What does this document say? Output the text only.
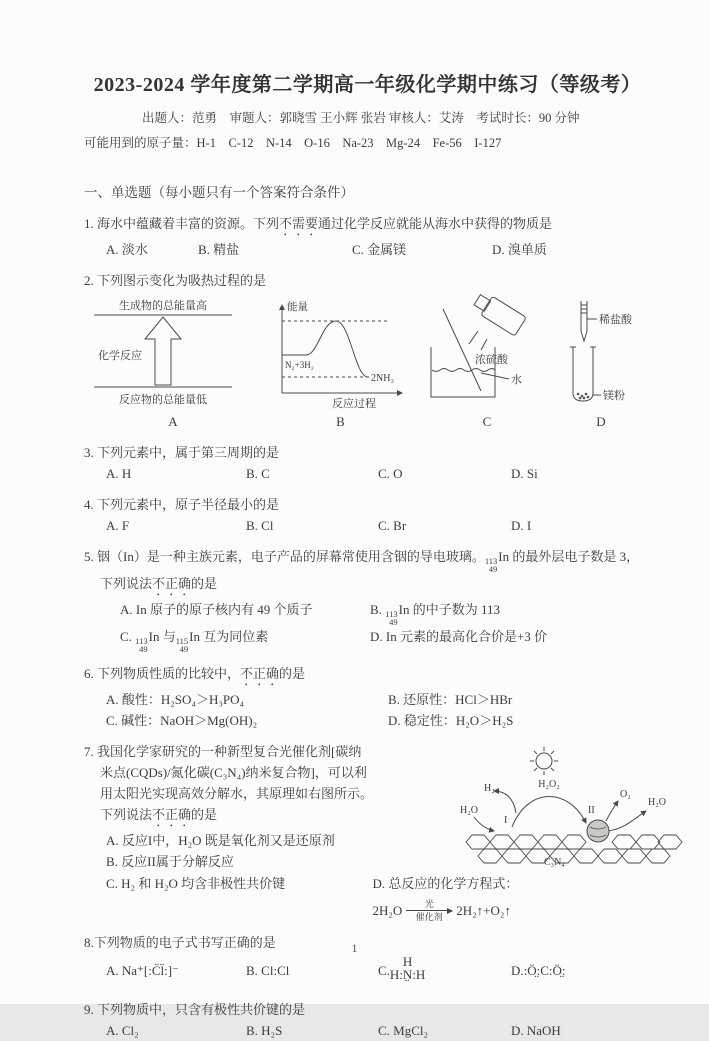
2023-2024 学年度第二学期高一年级化学期中练习（等级考）
出题人：范勇　审题人：郭晓雪 王小辉 张岩 审核人：艾涛　考试时长：90 分钟
可能用到的原子量：H-1　C-12　N-14　O-16　Na-23　Mg-24　Fe-56　I-127
一、单选题（每小题只有一个答案符合条件）
1. 海水中蕴藏着丰富的资源。下列不需要通过化学反应就能从海水中获得的物质是
A. 淡水	B. 精盐	C. 金属镁	D. 溴单质
2. 下列图示变化为吸热过程的是
生成物的总能量高
化学反应
反应物的总能量低
A
能量
N₂+3H₂
2NH₃
反应过程
B
浓硫酸
水
C
稀盐酸
镁粉
D
3. 下列元素中，属于第三周期的是
A. H	B. C	C. O	D. Si
4. 下列元素中，原子半径最小的是
A. F	B. Cl	C. Br	D. I
5. 铟（In）是一种主族元素，电子产品的屏幕常使用含铟的导电玻璃。 113
49
In 的最外层电子数是 3，
下列说法不正确的是
A. In 原子的原子核内有 49 个质子	B. 113
49
In 的中子数为 113
C. 113
49
In 与 115
49
In 互为同位素	D. In 元素的最高化合价是+3 价
6. 下列物质性质的比较中，不正确的是
A. 酸性：H₂SO₄＞H₃PO₄	B. 还原性：HCl＞HBr
C. 碱性：NaOH＞Mg(OH)₂	D. 稳定性：H₂O＞H₂S
7. 我国化学家研究的一种新型复合光催化剂[碳纳
米点(CQDs)/氮化碳(C₃N₄)纳米复合物]，可以利
用太阳光实现高效分解水，其原理如右图所示。
下列说法不正确的是
A. 反应I中，H₂O 既是氧化剂又是还原剂
B. 反应II属于分解反应
H₂	H₂O₂
H₂O
I
II
O₂
H₂O
C₃N₄
C. H₂ 和 H₂O 均含非极性共价键	D. 总反应的化学方程式：
2H₂O 光
催化剂 2H₂↑+O₂↑
8.下列物质的电子式书写正确的是
A. Na⁺[:C̈l̈:]⁻	B. Cl:Cl	C.
H
H:N̤:H	D. :Ö̤:C:Ö̤:
9. 下列物质中，只含有极性共价键的是
A. Cl₂	B. H₂S	C. MgCl₂	D. NaOH
1
